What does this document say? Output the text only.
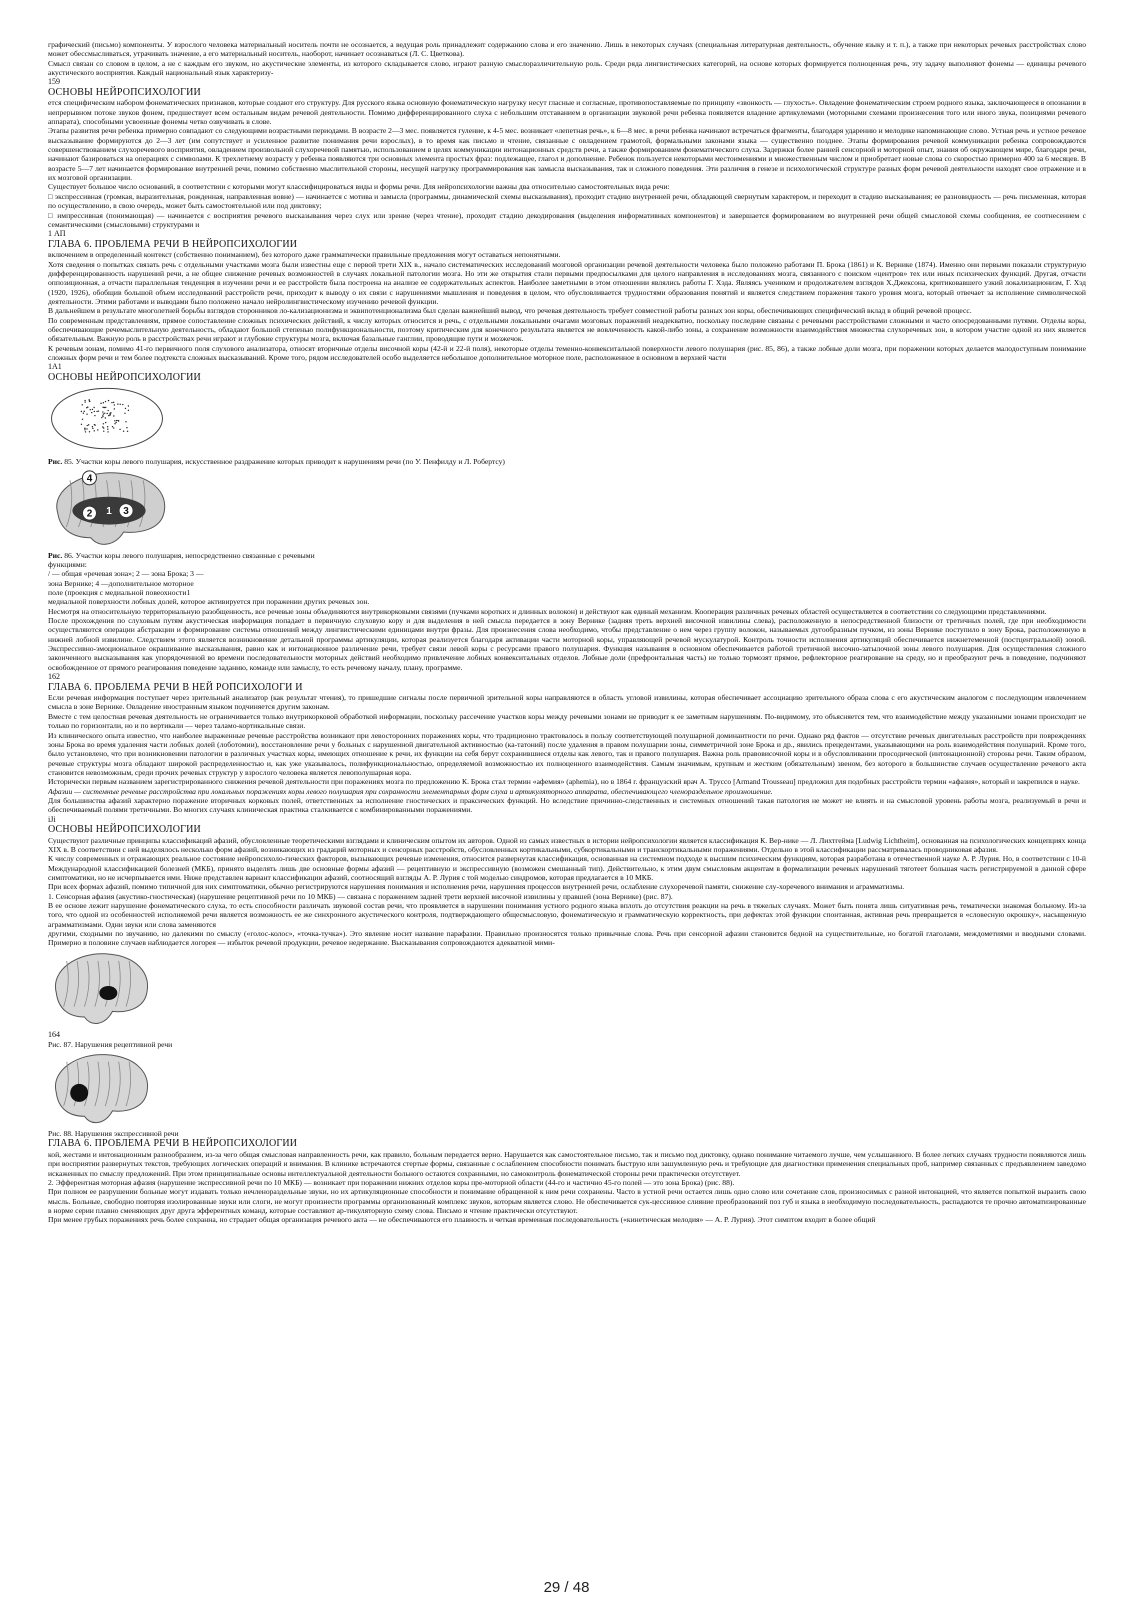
графический (письмо) компоненты. У взрослого человека материальный носитель почти не осознается, а ведущая роль принадлежит содержанию слова и его значению. Лишь в некоторых случаях (специальная литературная деятельность, обучение языку и т. п.), а также при некоторых речевых расстройствах слово может обессмысливаться, утрачивать значение, а его материальный носитель, наоборот, начинает осознаваться (Л. С. Цветкова).

Смысл связан со словом в целом, а не с каждым его звуком, но акустические элементы, из которого складывается слово, играют разную смыслоразличительную роль. Среди ряда лингвистических категорий, на основе которых формируется полноценная речь, эту задачу выполняют фонемы — единицы речевого акустического восприятия. Каждый национальный язык характеризу-

159

ОСНОВЫ НЕЙРОПСИХОЛОГИИ

ется специфическим набором фонематических признаков, которые создают его структуру. Для русского языка основную фонематическую нагрузку несут гласные и согласные, противопоставляемые по принципу «звонкость — глухость». Овладение фонематическим строем родного языка, заключающееся в опознании в непрерывном потоке звуков фонем, предшествует всем остальным видам речевой деятельности. Помимо дифференцированного слуха с небольшим отставанием в организации звуковой речи ребенка появляется владение артикулемами (моторными схемами произнесения того или иного звука, позициями речевого аппарата), способными усвоенные фонемы четко озвучивать в слове.

Этапы развития речи ребенка примерно совпадают со следующими возрастными периодами. В возрасте 2—3 мес. появляется гуление, к 4-5 мес. возникает «лепетная речь», к 6—8 мес. в речи ребенка начинают встречаться фрагменты, благодаря ударению и мелодике напоминающие слово. Устная речь и устное речевое высказывание формируются до 2—3 лет (им сопутствует и усиленное развитие понимания речи взрослых), в то время как письмо и чтение, связанные с овладением грамотой, формальными законами языка — существенно позднее. Этапы формирования речевой коммуникации ребенка сопровождаются совершенствованием слухоречевого восприятия, овладением произвольной слухоречевой памятью, использованием в целях коммуникации интонационных средств речи, а также формированием фонематического слуха. Задержки более ранней сенсорной и моторной опыт, знания об окружающем мире, благодаря речи, начинают базироваться на операциях с символами. К трехлетнему возрасту у ребенка появляются три основных элемента простых фраз: подлежащее, глагол и дополнение. Ребенок пользуется некоторыми местоимениями и множественным числом и приобретает новые слова со скоростью примерно 400 за 6 месяцев. В возрасте 5—7 лет начинается формирование внутренней речи, помимо собственно мыслительной стороны, несущей нагрузку программирования как замысла высказывания, так и сложного поведения. Эти различия в генезе и психологической структуре разных форм речевой деятельности находят свое отражение и в их мозговой организации.

Существует большое число оснований, в соответствии с которыми могут классифицироваться виды и формы речи. Для нейропсихологии важны два относительно самостоятельных вида речи:

□ экспрессивная (громкая, выразительная, рожденная, направленная вовне) — начинается с мотива и замысла (программы, динамической схемы высказывания), проходит стадию внутренней речи, обладающей свернутым характером, и переходит в стадию высказывания; ее разновидность — речь письменная, которая по осуществлению, в свою очередь, может быть самостоятельной или под диктовку;

□ импрессивная (понимающая) — начинается с восприятия речевого высказывания через слух или зрение (через чтение), проходит стадию декодирования (выделения информативных компонентов) и завершается формированием во внутренней речи общей смысловой схемы сообщения, ее соотнесением с семантическими (смысловыми) структурами и

1 АП

ГЛАВА 6. ПРОБЛЕМА РЕЧИ В НЕЙРОПСИХОЛОГИИ

включением в определенный контекст (собственно пониманием), без которого даже грамматически правильные предложения могут оставаться непонятными.

Хотя сведения о попытках связать речь с отдельными участками мозга были известны еще с первой трети XIX в., начало систематических исследований мозговой организации речевой деятельности человека было положено работами П. Брока (1861) и К. Вернике (1874). Именно они первыми показали структурную дифференцированность нарушений речи, а не общее снижение речевых возможностей в случаях локальной патологии мозга. Но эти же открытия стали первыми предпосылками для целого направления в исследованиях мозга, связанного с поиском «центров» тех или иных психических функций. Другая, отчасти оппозиционная, а отчасти параллельная тенденция в изучении речи и ее расстройств была построена на анализе ее содержательных аспектов. Наиболее заметными в этом отношении являлись работы Г. Хэда. Являясь учеником и продолжателем взглядов Х.Джексона, критиковавшего узкий локализационизм, Г. Хэд (1920, 1926), обобщив большой объем исследований расстройств речи, приходит к выводу о их связи с нарушениями мышления и поведения в целом, что обусловливается трудностями образования понятий и является следствием поражения такого уровня мозга, который отвечает за исполнение символической деятельности. Этими работами и выводами было положено начало нейролингвистическому изучению речевой функции.

В дальнейшем в результате многолетней борьбы взглядов сторонников ло-кализационизма и эквипотенционализма был сделан важнейший вывод, что речевая деятельность требует совместной работы разных зон коры, обеспечивающих специфический вклад в общий речевой процесс.

По современным представлениям, прямое сопоставление сложных психических действий, к числу которых относится и речь, с отдельными локальными очагами мозговых поражений неадекватно, поскольку последние связаны с речевыми расстройствами сложными и часто опосредованными путями. Отделы коры, обеспечивающие речемыслительную деятельность, обладают большой степенью полифункциональности, поэтому критическим для конечного результата является не вовлеченность какой-либо зоны, а сохранение возможности взаимодействия множества слухоречевых зон, в котором участие одной из них является обязательным. Важную роль в расстройствах речи играют и глубокие структуры мозга, включая базальные ганглии, проводящие пути и мозжечок.

К речевым зонам, помимо 41-го первичного поля слухового анализатора, относят вторичные отделы височной коры (42-й и 22-й поля), некоторые отделы теменно-конвекситальной поверхности левого полушария (рис. 85, 86), а также лобные доли мозга, при поражении которых делается малодоступным понимание сложных форм речи и тем более подтекста сложных высказываний. Кроме того, рядом исследователей особо выделяется небольшое дополнительное моторное поле, расположенное в основном в верхней части

1А1

ОСНОВЫ НЕЙРОПСИХОЛОГИИ

Рис. 85. Участки коры левого полушария, искусственное раздражение которых приводит к нарушениям речи (по У. Пенфилду и Л. Робертсу)

1
2	3
4

Рис. 86. Участки коры левого полушария, непосредственно связанные с речевыми

функциями:

/ — общая «речевая зона»; 2 — зона Брока; 3 —

зона Вернике; 4 —дополнительное моторное

поле (проекция с медиальной повеохности1

медиальной поверхности лобных долей, которое активируется при поражении других речевых зон.

Несмотря на относительную территориальную разобщенность, все речевые зоны объединяются внутрикорковыми связями (пучками коротких и длинных волокон) и действуют как единый механизм. Кооперация различных речевых областей осуществляется в соответствии со следующими представлениями.

После прохождения по слуховым путям акустическая информация попадает в первичную слуховую кору и для выделения в ней смысла передается в зону Вернике (задняя треть верхней височной извилины слева), расположенную в непосредственной близости от третичных полей, где при необходимости осуществляются операции абстракции и формирование системы отношений между лингвистическими единицами внутри фразы. Для произнесения слова необходимо, чтобы представление о нем через группу волокон, называемых дугообразным пучком, из зоны Вернике поступило в зону Брока, расположенную в нижней лобной извилине. Следствием этого является возникновение детальной программы артикуляции, которая реализуется благодаря активации части моторной коры, управляющей речевой мускулатурой. Контроль точности исполнения артикуляций обеспечивается нижнетеменной (постцентральной) зоной. Экспрессивно-эмоциональное окрашивание высказывания, равно как и интонационное различение речи, требует связи левой коры с ресурсами правого полушария. Функция называния в основном обеспечивается работой третичной височно-затылочной зоны левого полушария. Для осуществления сложного законченного высказывания как упорядоченной во времени последовательности моторных действий необходимо привлечение лобных конвекситальных отделов. Лобные доли (префронтальная часть) не только тормозят прямое, рефлекторное реагирование на среду, но и преобразуют речь в поведение, подчиняют освобожденное от прямого реагирования поведение заданию, команде или замыслу, то есть речевому началу, плану, программе.

162

ГЛАВА 6. ПРОБЛЕМА РЕЧИ В НЕЙ РОПСИХОЛОГИ И

Если речевая информация поступает через зрительный анализатор (как результат чтения), то пришедшие сигналы после первичной зрительной коры направляются в область угловой извилины, которая обеспечивает ассоциацию зрительного образа слова с его акустическим аналогом с последующим извлечением смысла в зоне Вернике. Овладение иностранным языком подчиняется другим законам.

Вместе с тем целостная речевая деятельность не ограничивается только внутрикорковой обработкой информации, поскольку рассечение участков коры между речевыми зонами не приводит к ее заметным нарушениям. По-видимому, это объясняется тем, что взаимодействие между указанными зонами происходит не только по горизонтали, но и по вертикали — через таламо-кортикальные связи.

Из клинического опыта известно, что наиболее выраженные речевые расстройства возникают при левосторонних поражениях коры, что традиционно трактовалось в пользу соответствующей полушарной доминантности по речи. Однако ряд фактов — отсутствие речевых двигательных расстройств при повреждениях зоны Брока во время удаления части лобных долей (лоботомии), восстановление речи у больных с нарушенной двигательной активностью (ка-татоний) после удаления в правом полушарии зоны, симметричной зоне Брока и др., явились прецедентами, указывающими на роль взаимодействия полушарий. Кроме того, было установлено, что при возникновении патологии в различных участках коры, имеющих отношение к речи, их функции на себя берут сохранившиеся отделы как левого, так и правого полушария. Важна роль правовисочной коры и в обусловливании просодической (интонационной) стороны речи. Таким образом, речевые структуры мозга обладают широкой распределенностью и, как уже указывалось, полифункциональностью, определяемой возможностью их полноценного взаимодействия. Самым значимым, крупным и жестким (обязательным) звеном, без которого в большинстве случаев осуществление речевого акта становится невозможным, среди прочих речевых структур у взрослого человека является левополушарная кора.

Исторически первым названием зарегистрированного снижения речевой деятельности при поражениях мозга по предложению К. Брока стал термин «афемия» (aphemia), но в 1864 г. французский врач А. Труссо [Armand Trousseau] предложил для подобных расстройств термин «афазия», который и закрепился в науке.

Афазии — системные речевые расстройства при локальных поражениях коры левого полушария при сохранности элементарных форм слуха и артикуляторного аппарата, обеспечивающего членораздельное произношение.

Для большинства афазий характерно поражение вторичных корковых полей, ответственных за исполнение гностических и праксических функций. Но вследствие причинно-следственных и системных отношений такая патология не может не влиять и на смысловой уровень работы мозга, реализуемый в речи и обеспечиваемый полями третичными. Во многих случаях клиническая практика сталкивается с комбинированными поражениями.

iJi

ОСНОВЫ НЕЙРОПСИХОЛОГИИ

Существуют различные принципы классификаций афазий, обусловленные теоретическими взглядами и клиническим опытом их авторов. Одной из самых известных в истории нейропсихологии является классификация К. Вер-нике — Л. Лихтгейма [Ludwig Lichtheim], основанная на психологических концепциях конца XIX в. В соответствии с ней выделялось несколько форм афазий, возникающих из градаций моторных и сенсорных расстройств, обусловленных кортикальными, субкортикальными и транскортикальными поражениями. Отдельно в этой классификации рассматривалась проводниковая афазия.

К числу современных и отражающих реальное состояние нейропсихоло-гических факторов, вызывающих речевые изменения, относится развернутая классификация, основанная на системном подходе к высшим психическим функциям, которая разработана в отечественной науке А. Р. Лурия. Но, в соответствии с 10-й Международной классификацией болезней (МКБ), принято выделять лишь две основные формы афазий — рецептивную и экспрессивную (возможен смешанный тип). Действительно, к этим двум смысловым акцентам в формализации речевых нарушений тяготеет большая часть регистрируемой в данной сфере симптоматики, но не исчерпывается ими. Ниже представлен вариант классификации афазий, соотносящий взгляды А. Р. Лурия с той моделью синдромов, которая предлагается в 10 МКБ.

При всех формах афазий, помимо типичной для них симптоматики, обычно регистрируются нарушения понимания и исполнения речи, нарушения процессов внутренней речи, ослабление слухоречевой памяти, снижение слу-хоречевого внимания и аграмматизмы.

1. Сенсорная афазия (акустико-гностическая) (нарушение рецептивной речи по 10 МКБ) — связана с поражением задней трети верхней височной извилины у правшей (зона Вернике) (рис. 87).

В ее основе лежит нарушение фонематического слуха, то есть способности различать звуковой состав речи, что проявляется в нарушении понимания устного родного языка вплоть до отсутствия реакции на речь в тяжелых случаях. Может быть понята лишь ситуативная речь, тематически знакомая больному. Из-за того, что одной из особенностей исполняемой речи является возможность ее же синхронного акустического контроля, подтверждающего общесмысловую, фонематическую и грамматическую корректность, при дефектах этой функции спонтанная, активная речь превращается в «словесную окрошку», насыщенную аграмматизмами. Одни звуки или слова заменяются

другими, сходными по звучанию, но далекими по смыслу («голос-колос», «точка-тучка»). Это явление носит название парафазии. Правильно произносятся только привычные слова. Речь при сенсорной афазии становится бедной на существительные, но богатой глаголами, междометиями и вводными словами. Примерно в половине случаев наблюдается логорея — избыток речевой продукции, речевое недержание. Высказывания сопровождаются адекватной мими-

164

Рис. 87. Нарушения рецептивной речи

Рис. 88. Нарушения экспрессивной речи

ГЛАВА 6. ПРОБЛЕМА РЕЧИ В НЕЙРОПСИХОЛОГИИ

кой, жестами и интонационным разнообразием, из-за чего общая смысловая направленность речи, как правило, больным передается верно. Нарушается как самостоятельное письмо, так и письмо под диктовку, однако понимание читаемого лучше, чем услышанного. В более легких случаях трудности появляются лишь при восприятии развернутых текстов, требующих логических операций и внимания. В клинике встречаются стертые формы, связанные с ослаблением способности понимать быструю или зашумленную речь и требующие для диагностики применения специальных проб, например связанных с предъявлением заведомо искаженных по смыслу предложений. При этом принципиальные основы интеллектуальной деятельности больного остаются сохранными, но самоконтроль фонематической стороны речи практически отсутствует.

2. Эфферентная моторная афазия (нарушение экспрессивной речи по 10 МКБ) — возникает при поражении нижних отделов коры пре-моторной области (44-го и частично 45-го полей — это зона Брока) (рис. 88).

При полном ее разрушении больные могут издавать только нечленораздельные звуки, но их артикуляционные способности и понимание обращенной к ним речи сохранены. Часто в устной речи остается лишь одно слово или сочетание слов, произносимых с разной интонацией, что является попыткой выразить свою мысль. Больные, свободно повторяя изолированные звуки или слоги, не могут произнести программы организованный комплекс звуков, которым является слово. Не обеспечивается сук-цессивное слияние преобразований поз губ и языка в необходимую последовательность, распадаются те прочно автоматизированные в норме серии плавно сменяющих друг друга эфферентных команд, которые составляют ар-тикуляторную схему слова. Письмо и чтение практически отсутствуют.

При менее грубых поражениях речь более сохранна, но страдает общая организация речевого акта — не обеспечиваются его плавность и четкая временная последовательность («кинетическая мелодия» — А. Р. Лурия). Этот симптом входит в более общий

29 / 48
